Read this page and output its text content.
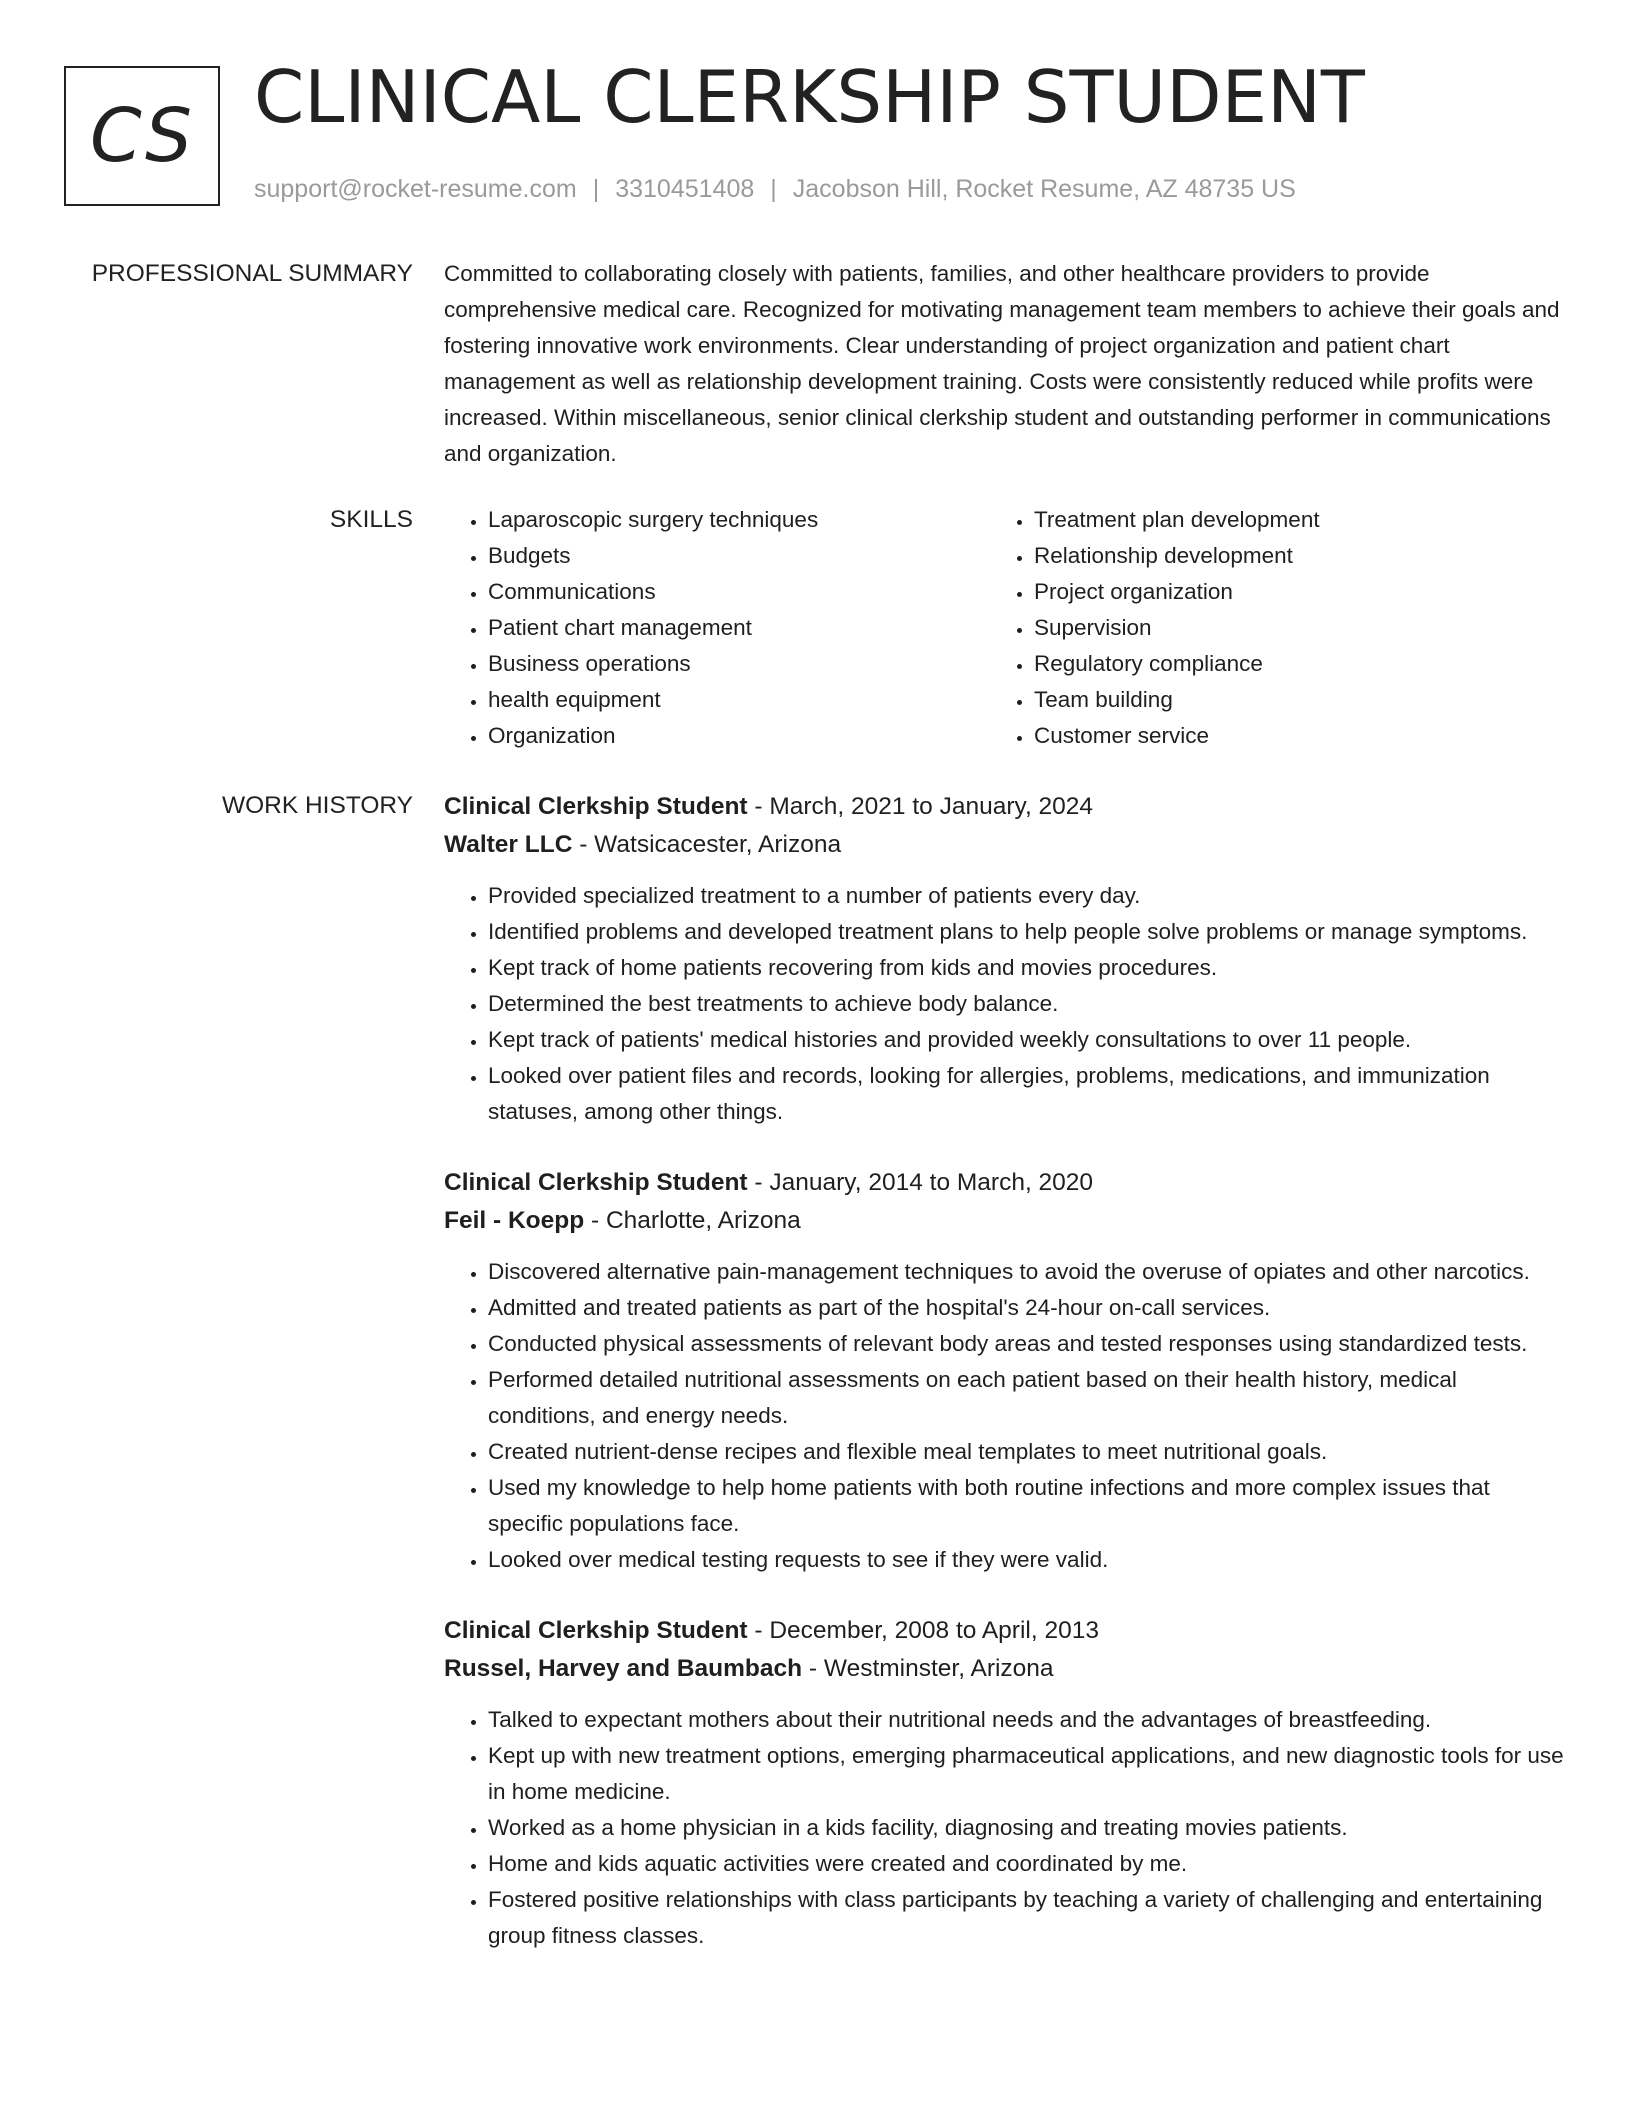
CS CLINICAL CLERKSHIP STUDENT
support@rocket-resume.com | 3310451408 | Jacobson Hill, Rocket Resume, AZ 48735 US
PROFESSIONAL SUMMARY Committed to collaborating closely with patients, families, and other healthcare providers to provide comprehensive medical care. Recognized for motivating management team members to achieve their goals and fostering innovative work environments. Clear understanding of project organization and patient chart management as well as relationship development training. Costs were consistently reduced while profits were increased. Within miscellaneous, senior clinical clerkship student and outstanding performer in communications and organization.

SKILLS
•	Laparoscopic surgery techniques
• Budgets
• Communications
• Patient chart management
• Business operations
• health equipment
• Organization
• Treatment plan development
• Relationship development
• Project organization
• Supervision
• Regulatory compliance
• Team building
• Customer service
WORK HISTORY Clinical Clerkship Student - March, 2021 to January, 2024
Walter LLC - Watsicacester, Arizona
• Provided specialized treatment to a number of patients every day.
• Identified problems and developed treatment plans to help people solve problems or manage symptoms.
• Kept track of home patients recovering from kids and movies procedures.
• Determined the best treatments to achieve body balance.
• Kept track of patients' medical histories and provided weekly consultations to over 11 people.
• Looked over patient files and records, looking for allergies, problems, medications, and immunization statuses, among other things.
Clinical Clerkship Student - January, 2014 to March, 2020
Feil - Koepp - Charlotte, Arizona
• Discovered alternative pain-management techniques to avoid the overuse of opiates and other narcotics.
• Admitted and treated patients as part of the hospital's 24-hour on-call services.
• Conducted physical assessments of relevant body areas and tested responses using standardized tests.
• Performed detailed nutritional assessments on each patient based on their health history, medical conditions, and energy needs.
• Created nutrient-dense recipes and flexible meal templates to meet nutritional goals.
• Used my knowledge to help home patients with both routine infections and more complex issues that specific populations face.
• Looked over medical testing requests to see if they were valid.
Clinical Clerkship Student - December, 2008 to April, 2013
Russel, Harvey and Baumbach - Westminster, Arizona
• Talked to expectant mothers about their nutritional needs and the advantages of breastfeeding.
• Kept up with new treatment options, emerging pharmaceutical applications, and new diagnostic tools for use in home medicine.
• Worked as a home physician in a kids facility, diagnosing and treating movies patients.
• Home and kids aquatic activities were created and coordinated by me.
• Fostered positive relationships with class participants by teaching a variety of challenging and entertaining group fitness classes.
